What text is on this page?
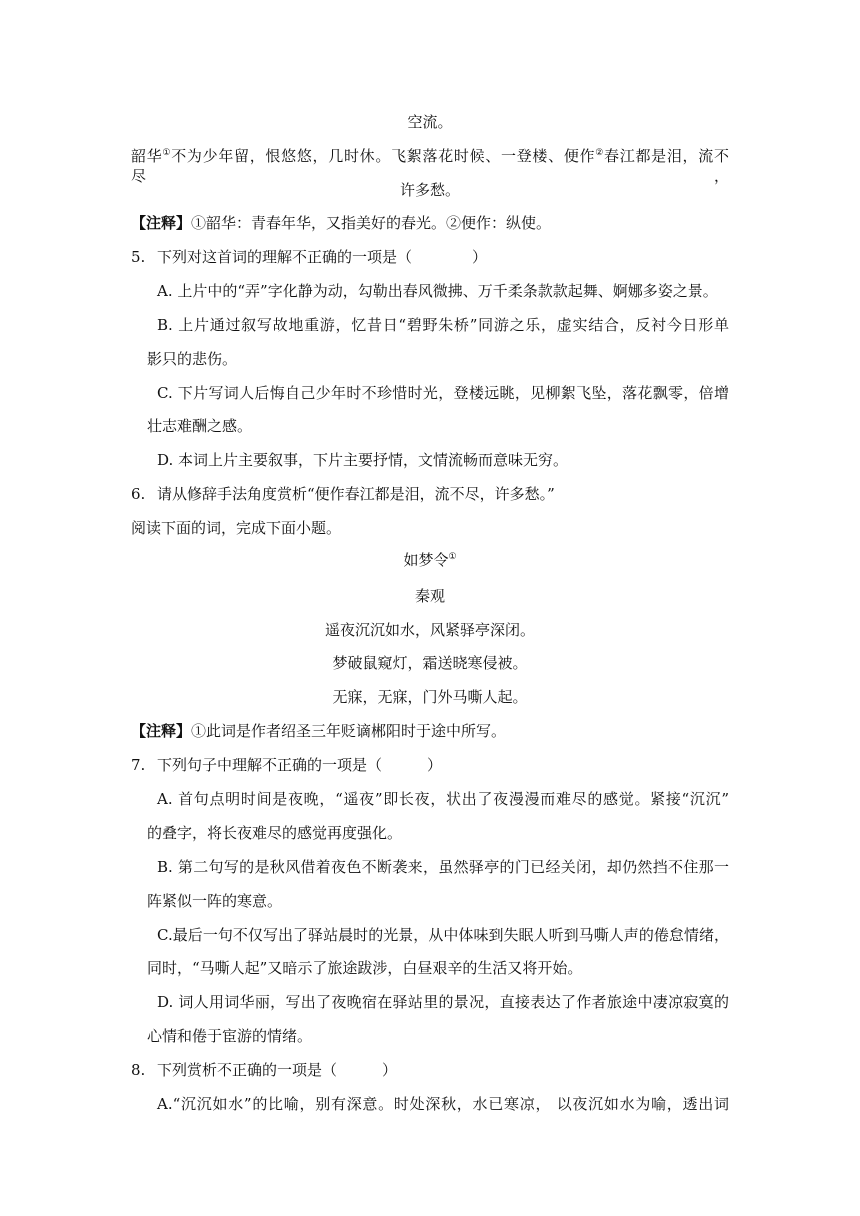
空流。
韶华①不为少年留，恨悠悠，几时休。飞絮落花时候、一登楼、便作②春江都是泪，流不尽，
许多愁。
【注释】①韶华：青春年华，又指美好的春光。②便作：纵使。
5. 下列对这首词的理解不正确的一项是（　　　　）
A. 上片中的“弄”字化静为动，勾勒出春风微拂、万千柔条款款起舞、婀娜多姿之景。
B. 上片通过叙写故地重游，忆昔日“碧野朱桥”同游之乐，虚实结合，反衬今日形单
影只的悲伤。
C. 下片写词人后悔自己少年时不珍惜时光，登楼远眺，见柳絮飞坠，落花飘零，倍增
壮志难酬之感。
D. 本词上片主要叙事，下片主要抒情，文情流畅而意味无穷。
6. 请从修辞手法角度赏析“便作春江都是泪，流不尽，许多愁。”
阅读下面的词，完成下面小题。
如梦令①
秦观
遥夜沉沉如水，风紧驿亭深闭。
梦破鼠窥灯，霜送晓寒侵被。
无寐，无寐，门外马嘶人起。
【注释】①此词是作者绍圣三年贬谪郴阳时于途中所写。
7. 下列句子中理解不正确的一项是（　　　）
A. 首句点明时间是夜晚，“遥夜”即长夜，状出了夜漫漫而难尽的感觉。紧接“沉沉”
的叠字，将长夜难尽的感觉再度强化。
B. 第二句写的是秋风借着夜色不断袭来，虽然驿亭的门已经关闭，却仍然挡不住那一
阵紧似一阵的寒意。
C.最后一句不仅写出了驿站晨时的光景，从中体味到失眠人听到马嘶人声的倦怠情绪，
同时，“马嘶人起”又暗示了旅途跋涉，白昼艰辛的生活又将开始。
D. 词人用词华丽，写出了夜晚宿在驿站里的景况，直接表达了作者旅途中凄凉寂寞的
心情和倦于宦游的情绪。
8. 下列赏析不正确的一项是（　　　）
A.“沉沉如水”的比喻，别有深意。时处深秋，水已寒凉， 以夜沉如水为喻，透出词
